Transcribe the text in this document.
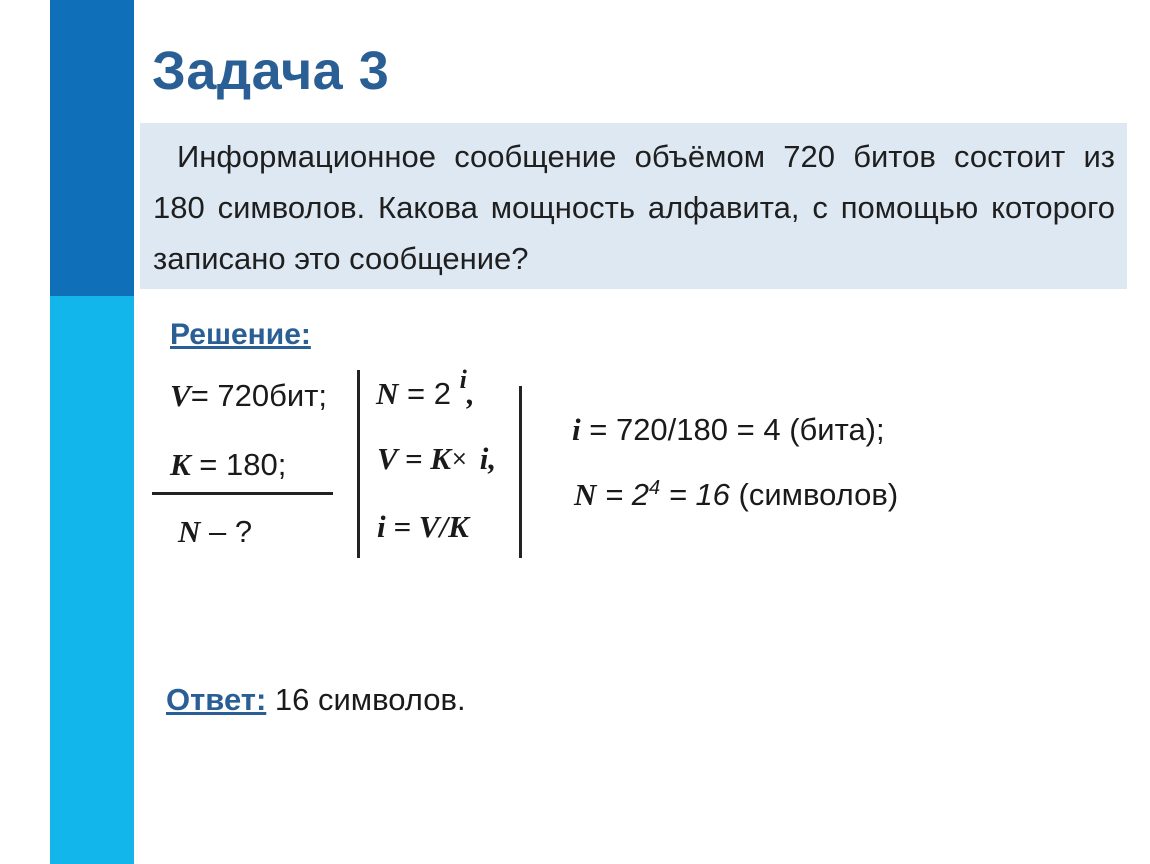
Задача 3
Информационное сообщение объёмом 720 битов состоит из 180 символов. Какова мощность алфавита, с помощью которого записано это сообщение?
Решение:
V= 720бит;
K = 180;
N – ?
N = 2 $^i$,
V = K× i,
i = V/K
i = 720/180 = 4 (бита);
$N = 2^4 = 16$ (символов)
Ответ: 16 символов.
